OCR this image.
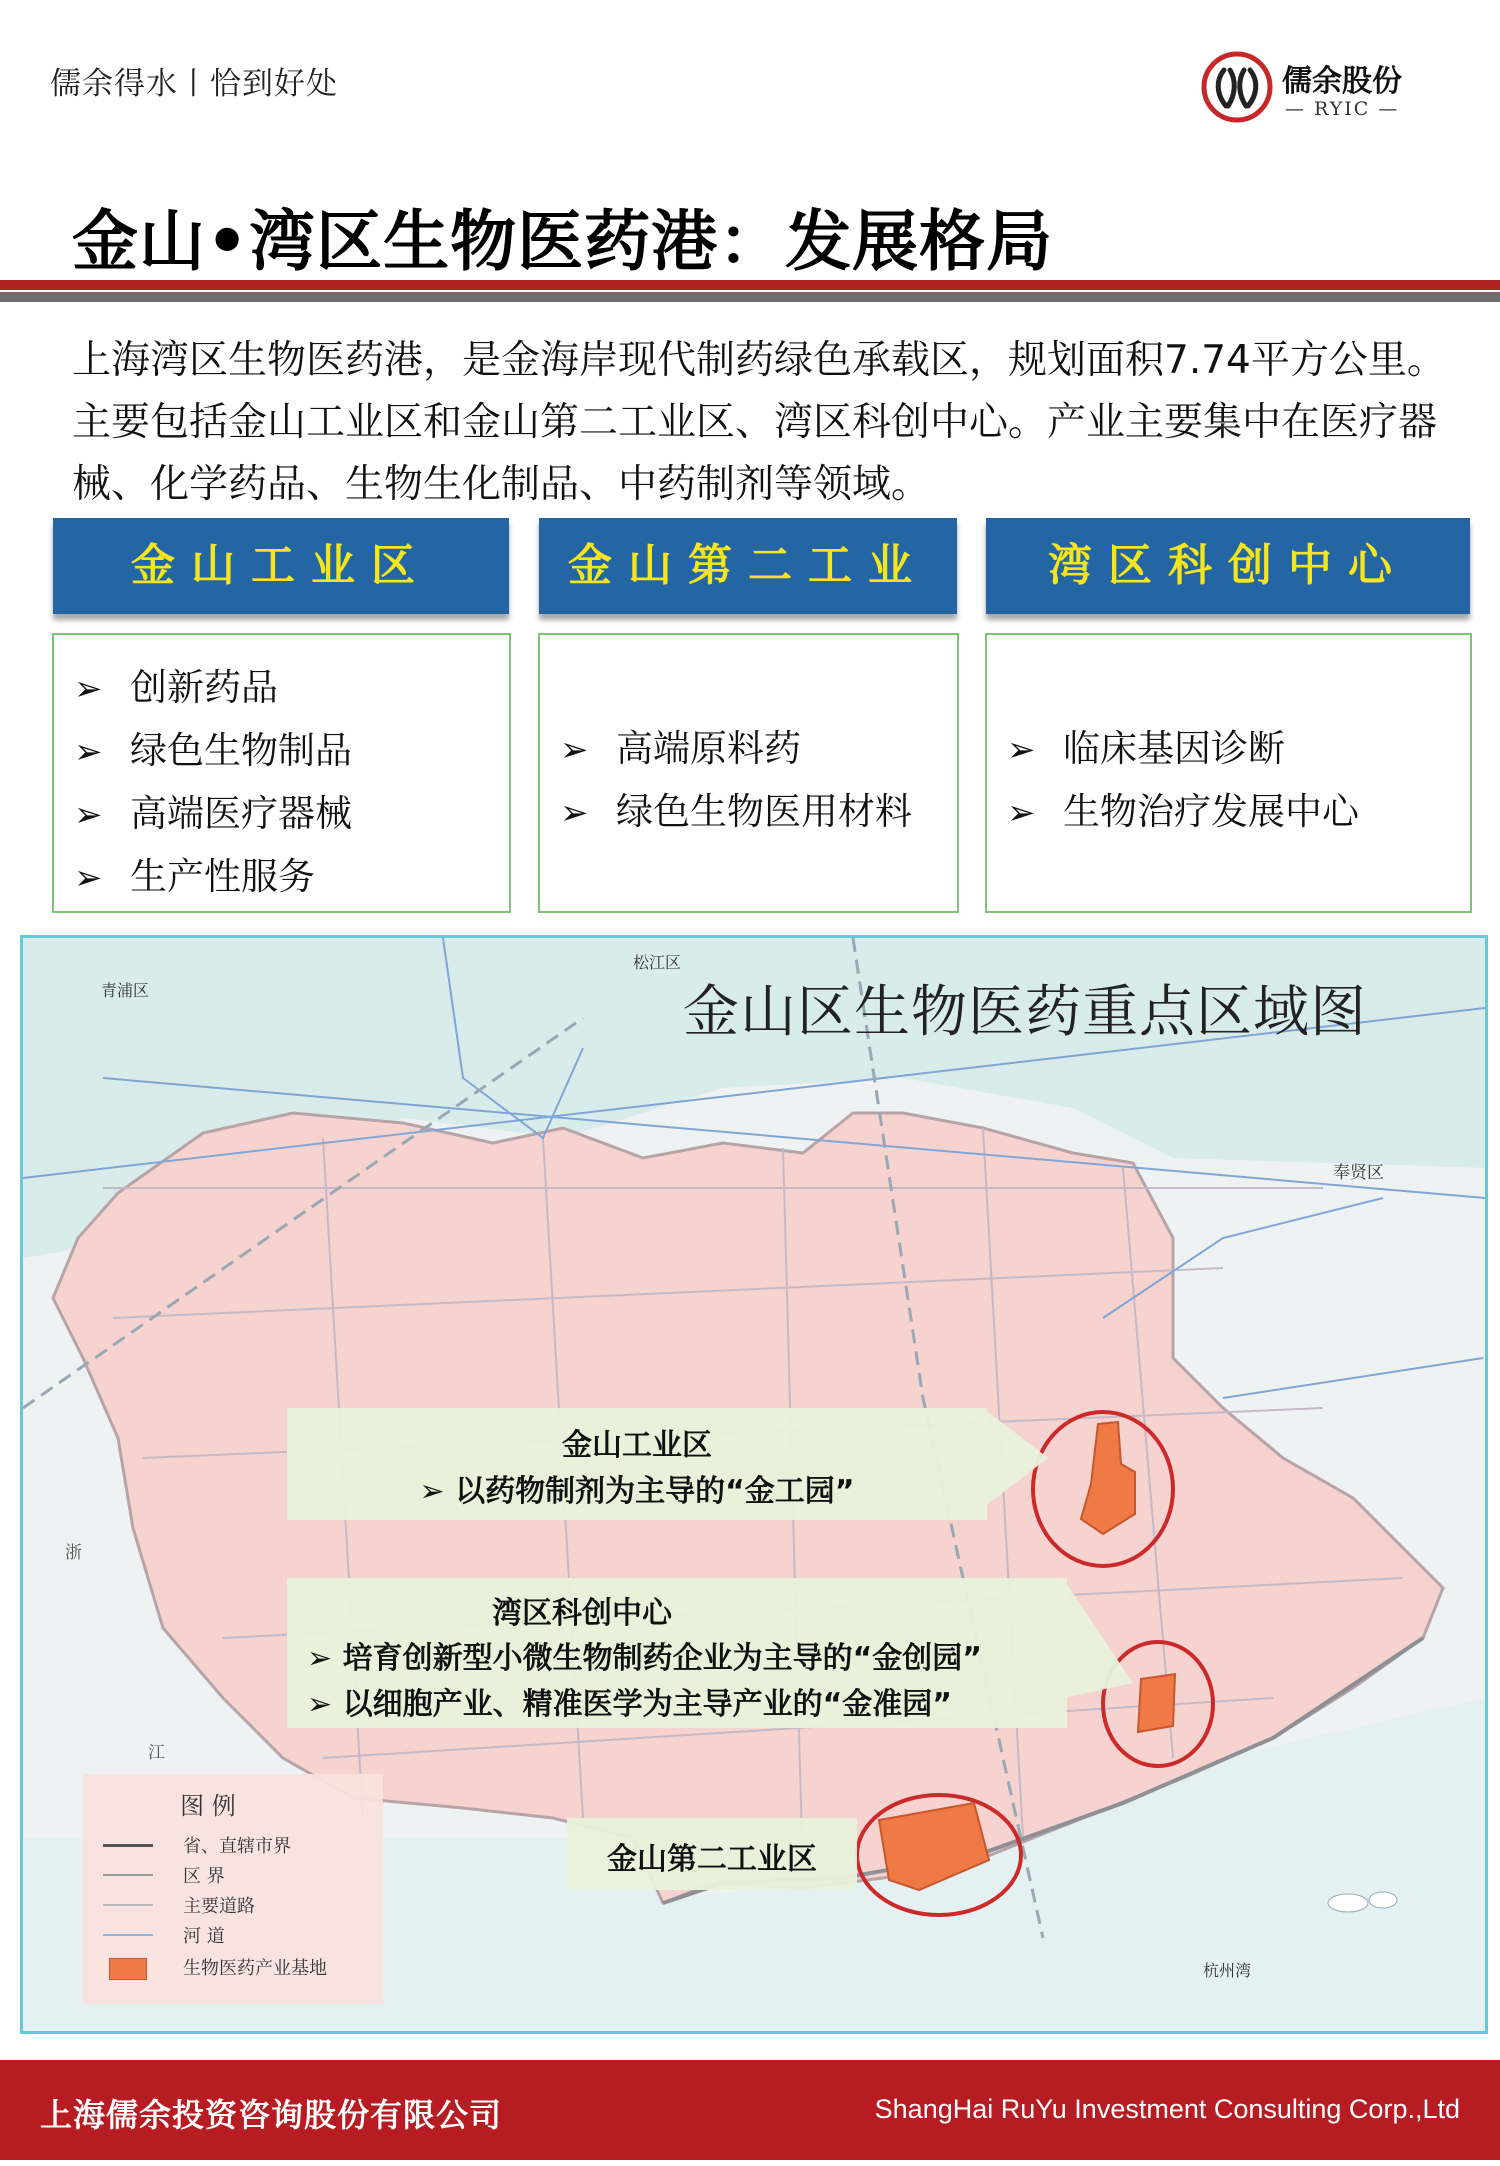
儒余得水丨恰到好处	儒余股份
— RYIC —
金山•湾区生物医药港：发展格局
上海湾区生物医药港，是金海岸现代制药绿色承载区，规划面积7.74平方公里。主要包括金山工业区和金山第二工业区、湾区科创中心。产业主要集中在医疗器械、化学药品、生物生化制品、中药制剂等领域。
金山工业区
➢ 创新药品
➢ 绿色生物制品
➢ 高端医疗器械
➢ 生产性服务
金山第二工业
➢ 高端原料药
➢ 绿色生物医用材料
湾区科创中心
➢ 临床基因诊断
➢ 生物治疗发展中心
青浦区
松江区
奉贤区
浙
江
杭州湾
金山区生物医药重点区域图
金山工业区
➢ 以药物制剂为主导的“金工园”
湾区科创中心
➢ 培育创新型小微生物制药企业为主导的“金创园”
➢ 以细胞产业、精准医学为主导产业的“金准园”
金山第二工业区
图 例
省、直辖市界
区 界
主要道路
河 道
生物医药产业基地
上海儒余投资咨询股份有限公司	ShangHai RuYu Investment Consulting Corp.,Ltd
